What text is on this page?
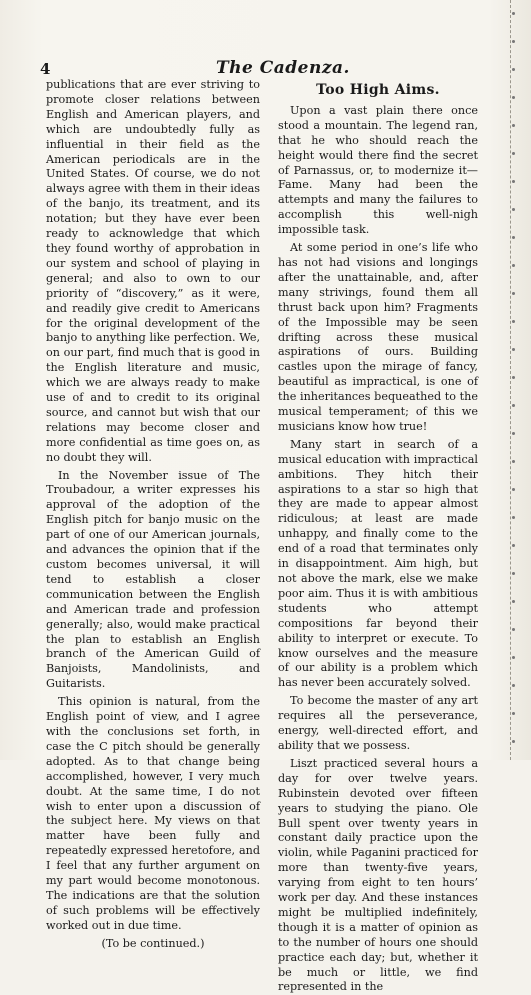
4	The Cadenza.

publications that are ever striving to promote closer relations between English and American players, and which are undoubtedly fully as influential in their field as the American periodicals are in the United States. Of course, we do not always agree with them in their ideas of the banjo, its treatment, and its notation; but they have ever been ready to acknowledge that which they found worthy of approbation in our system and school of playing in general; and also to own to our priority of “discovery,” as it were, and readily give credit to Americans for the original development of the banjo to anything like perfection. We, on our part, find much that is good in the English literature and music, which we are always ready to make use of and to credit to its original source, and cannot but wish that our relations may become closer and more confidential as time goes on, as no doubt they will.

In the November issue of The Troubadour, a writer expresses his approval of the adoption of the English pitch for banjo music on the part of one of our American journals, and advances the opinion that if the custom becomes universal, it will tend to establish a closer communication between the English and American trade and profession generally; also, would make practical the plan to establish an English branch of the American Guild of Banjoists, Mandolinists, and Guitarists.

This opinion is natural, from the English point of view, and I agree with the conclusions set forth, in case the C pitch should be generally adopted. As to that change being accomplished, however, I very much doubt. At the same time, I do not wish to enter upon a discussion of the subject here. My views on that matter have been fully and repeatedly expressed heretofore, and I feel that any further argument on my part would become monotonous. The indications are that the solution of such problems will be effectively worked out in due time.

(To be continued.)

Too High Aims.

Upon a vast plain there once stood a mountain. The legend ran, that he who should reach the height would there find the secret of Parnassus, or, to modernize it—Fame. Many had been the attempts and many the failures to accomplish this well-nigh impossible task.

At some period in one’s life who has not had visions and longings after the unattainable, and, after many strivings, found them all thrust back upon him? Fragments of the Impossible may be seen drifting across these musical aspirations of ours. Building castles upon the mirage of fancy, beautiful as impractical, is one of the inheritances bequeathed to the musical temperament; of this we musicians know how true!

Many start in search of a musical education with impractical ambitions. They hitch their aspirations to a star so high that they are made to appear almost ridiculous; at least are made unhappy, and finally come to the end of a road that terminates only in disappointment. Aim high, but not above the mark, else we make poor aim. Thus it is with ambitious students who attempt compositions far beyond their ability to interpret or execute. To know ourselves and the measure of our ability is a problem which has never been accurately solved.

To become the master of any art requires all the perseverance, energy, well-directed effort, and ability that we possess.

Liszt practiced several hours a day for over twelve years. Rubinstein devoted over fifteen years to studying the piano. Ole Bull spent over twenty years in constant daily practice upon the violin, while Paganini practiced for more than twenty-five years, varying from eight to ten hours’ work per day. And these instances might be multiplied indefinitely, though it is a matter of opinion as to the number of hours one should practice each day; but, whether it be much or little, we find represented in the
